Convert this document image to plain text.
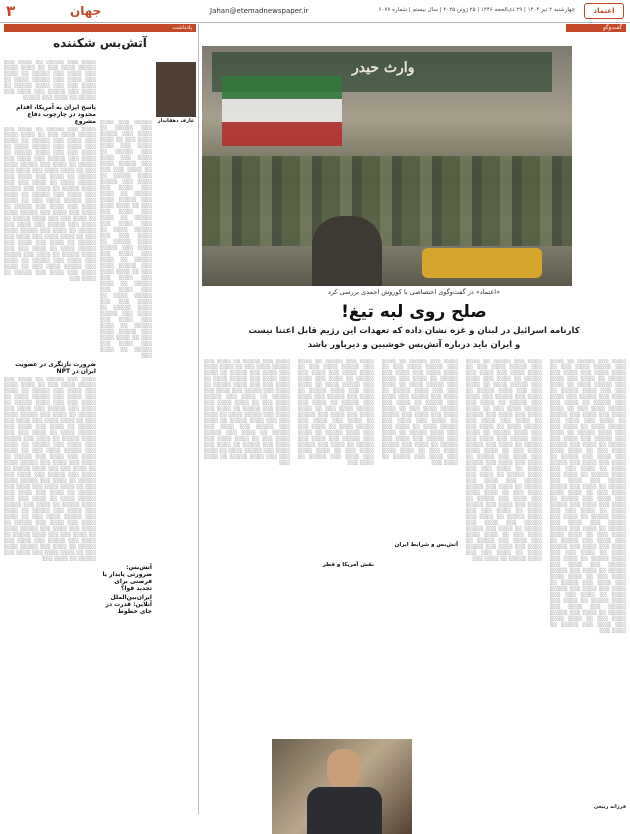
۳	جهان	Jahan@etemadnewspaper.ir	چهارشنبه ۲ تیر ۱۴۰۴ | ۲۹ ذی‌الحجه ۱۴۴۶ | ۲۵ ژوئن ۲۰۲۵ | سال بیستم | شماره ۶۰۷۷	اعتماد
یادداشت
آتش‌بس شکننده
عارف دهقاندار
░░░░░ ░░░ ░░░░ ░░░ ░░░░░ ░░ ░░░░ ░░░ ░░░░░ ░░░░ ░░░ ░░ ░░░░ ░░░░ ░░░ ░░░░ ░░░ ░░░░░ ░░ ░░░░ ░░░ ░░░░ ░░░ ░░░░░ ░░░░ ░░ ░░░░ ░░░ ░░░ ░░░░ ░░░░░ ░░ ░░░░ ░░░ ░░░░░ ░░░ ░░░░ ░░░ ░░░░░ ░░ ░░░░ ░░░ ░░░░░ ░░░░ ░░░ ░░ ░░░░ ░░░░ ░░░ ░░░░ ░░░ ░░░░░ ░░ ░░░░ ░░░ ░░░░ ░░░ ░░░░░ ░░░░ ░░ ░░░░ ░░░ ░░░ ░░░░ ░░░░░ ░░ ░░░░ ░░░ ░░░░░ ░░░ ░░░░ ░░░ ░░░░░ ░░ ░░░░ ░░░ ░░░░░ ░░░░ ░░░ ░░ ░░░░ ░░░░ ░░░ ░░░░ ░░░ ░░░░░ ░░ ░░░░ ░░░ ░░░░ ░░░ ░░░░░ ░░░░ ░░ ░░░░ ░░░ ░░░ ░░░░ ░░░░░ ░░ ░░░░ ░░░ ░░░░░ ░░░ ░░░░ ░░░ ░░░░░ ░░ ░░░░ ░░░ ░░░░░ ░░░░ ░░░ ░░ ░░░░ ░░░░ ░░░ ░░░░ ░░░ ░░░░░ ░░ ░░░░ ░░░
آتش‌بس: ضرورتی پایدار یا فرصتی برای تجدید قوا؟
░░░░ ░░░ ░░░░░ ░░ ░░░░ ░░░ ░░░░░ ░░░░ ░░░ ░░ ░░░░ ░░░░ ░░░ ░░░░ ░░░ ░░░░░ ░░ ░░░░ ░░░ ░░░░ ░░░ ░░░░░ ░░░░ ░░ ░░░░ ░░░ ░░░ ░░░░ ░░░░░ ░░ ░░░░ ░░░ ░░░░░ ░░░ ░░░░ ░░░ ░░░░░ ░░ ░░░░ ░░░ ░░░░░
پاسخ ایران به آمریکا، اقدام محدود در چارچوب دفاع مشروع
░░░░ ░░░ ░░░░░ ░░ ░░░░ ░░░ ░░░░░ ░░░░ ░░░ ░░ ░░░░ ░░░░ ░░░ ░░░░ ░░░ ░░░░░ ░░ ░░░░ ░░░ ░░░░ ░░░ ░░░░░ ░░░░ ░░ ░░░░ ░░░ ░░░ ░░░░ ░░░░░ ░░ ░░░░ ░░░ ░░░░░ ░░░ ░░░░ ░░░ ░░░░░ ░░ ░░░░ ░░░ ░░░░░ ░░░░ ░░░ ░░ ░░░░ ░░░░ ░░░ ░░░░ ░░░ ░░░░░ ░░ ░░░░ ░░░ ░░░░ ░░░ ░░░░░ ░░░░ ░░ ░░░░ ░░░ ░░░ ░░░░ ░░░░░ ░░ ░░░░ ░░░ ░░░░░ ░░░ ░░░░ ░░░ ░░░░░ ░░ ░░░░ ░░░ ░░░░░ ░░░░ ░░░ ░░ ░░░░ ░░░░ ░░░ ░░░░ ░░░ ░░░░░ ░░ ░░░░ ░░░ ░░░░ ░░░ ░░░░░ ░░░░ ░░ ░░░░ ░░░ ░░░ ░░░░ ░░░░░ ░░ ░░░░ ░░░ ░░░░░ ░░░ ░░░░ ░░░ ░░░░░ ░░ ░░░░ ░░░ ░░░░░ ░░░░ ░░░ ░░ ░░░░ ░░░░ ░░░ ░░░░ ░░░ ░░░░░ ░░ ░░░░ ░░░ ░░░░ ░░░ ░░░░░ ░░░░ ░░ ░░░░ ░░░ ░░░ ░░░░ ░░░░░ ░░ ░░░░ ░░░ ░░░░░ ░░░ ░░░░ ░░░ ░░░░░ ░░ ░░░░ ░░░ ░░░░░ ░░░░ ░░░ ░░ ░░░░ ░░░░ ░░░ ░░░░ ░░░ ░░░░░ ░░ ░░░░ ░░░
ضرورت بازنگری در عضویت ایران در NPT
░░░░ ░░░ ░░░░░ ░░ ░░░░ ░░░ ░░░░░ ░░░░ ░░░ ░░ ░░░░ ░░░░ ░░░ ░░░░ ░░░ ░░░░░ ░░ ░░░░ ░░░ ░░░░ ░░░ ░░░░░ ░░░░ ░░ ░░░░ ░░░ ░░░ ░░░░ ░░░░░ ░░ ░░░░ ░░░ ░░░░░ ░░░ ░░░░ ░░░ ░░░░░ ░░ ░░░░ ░░░ ░░░░░ ░░░░ ░░░ ░░ ░░░░ ░░░░ ░░░ ░░░░ ░░░ ░░░░░ ░░ ░░░░ ░░░ ░░░░ ░░░ ░░░░░ ░░░░ ░░ ░░░░ ░░░ ░░░ ░░░░ ░░░░░ ░░ ░░░░ ░░░ ░░░░░ ░░░ ░░░░ ░░░ ░░░░░ ░░ ░░░░ ░░░ ░░░░░ ░░░░ ░░░ ░░ ░░░░ ░░░░ ░░░ ░░░░ ░░░ ░░░░░ ░░ ░░░░ ░░░ ░░░░ ░░░ ░░░░░ ░░░░ ░░ ░░░░ ░░░ ░░░ ░░░░ ░░░░░ ░░ ░░░░ ░░░ ░░░░░ ░░░ ░░░░ ░░░ ░░░░░ ░░ ░░░░ ░░░ ░░░░░ ░░░░ ░░░ ░░ ░░░░ ░░░░ ░░░ ░░░░ ░░░ ░░░░░ ░░ ░░░░ ░░░ ░░░░ ░░░ ░░░░░ ░░░░ ░░ ░░░░ ░░░ ░░░ ░░░░ ░░░░░ ░░ ░░░░ ░░░ ░░░░░ ░░░ ░░░░ ░░░ ░░░░░ ░░ ░░░░ ░░░ ░░░░░ ░░░░ ░░░ ░░ ░░░░ ░░░░ ░░░ ░░░░ ░░░ ░░░░░ ░░ ░░░░ ░░░ ░░░░ ░░░ ░░░░░ ░░░░ ░░ ░░░░ ░░░ ░░░ ░░░░ ░░░░░ ░░ ░░░░ ░░░ ░░░░░ ░░░ ░░░░ ░░░ ░░░░░ ░░ ░░░░ ░░░ ░░░░░ ░░░░ ░░░ ░░ ░░░░ ░░░░ ░░░ ░░░░ ░░░ ░░░░░ ░░ ░░░░ ░░░
ایران‌بین‌الملل آنلاین: قدرت در جای خطوط
گفت‌وگو
وارث حیدر
«اعتماد» در گفت‌وگوی اختصاصی با کوروش احمدی بررسی کرد
صلح روی لبه تیغ!
کارنامه اسرائیل در لبنان و غزه نشان داده که تعهدات این رژیم قابل اعتنا نیست
و ایران باید درباره آتش‌بس خوشبین و دیرباور باشد
░░░░ ░░░ ░░░░░ ░░ ░░░░ ░░░ ░░░░░ ░░░░ ░░░ ░░ ░░░░ ░░░░ ░░░ ░░░░ ░░░ ░░░░░ ░░ ░░░░ ░░░ ░░░░ ░░░ ░░░░░ ░░░░ ░░ ░░░░ ░░░ ░░░ ░░░░ ░░░░░ ░░ ░░░░ ░░░ ░░░░░ ░░░ ░░░░ ░░░ ░░░░░ ░░ ░░░░ ░░░ ░░░░░ ░░░░ ░░░ ░░ ░░░░ ░░░░ ░░░ ░░░░ ░░░ ░░░░░ ░░ ░░░░ ░░░ ░░░░ ░░░ ░░░░░ ░░░░ ░░ ░░░░ ░░░ ░░░ ░░░░ ░░░░░ ░░ ░░░░ ░░░ ░░░░░ ░░░ ░░░░ ░░░ ░░░░░ ░░ ░░░░ ░░░ ░░░░░ ░░░░ ░░░ ░░ ░░░░ ░░░░ ░░░ ░░░░ ░░░ ░░░░░ ░░ ░░░░ ░░░ ░░░░ ░░░ ░░░░░ ░░░░ ░░ ░░░░ ░░░ ░░░ ░░░░ ░░░░░ ░░ ░░░░ ░░░ ░░░░░ ░░░ ░░░░ ░░░ ░░░░░ ░░ ░░░░ ░░░ ░░░░░ ░░░░ ░░░ ░░ ░░░░ ░░░░ ░░░ ░░░░ ░░░ ░░░░░ ░░ ░░░░ ░░░ ░░░░ ░░░ ░░░░░ ░░░░ ░░ ░░░░ ░░░ ░░░ ░░░░ ░░░░░ ░░ ░░░░ ░░░ ░░░░░ ░░░ ░░░░ ░░░ ░░░░░ ░░ ░░░░ ░░░ ░░░░░ ░░░░ ░░░ ░░ ░░░░ ░░░░ ░░░ ░░░░ ░░░ ░░░░░ ░░ ░░░░ ░░░ ░░░░ ░░░ ░░░░░ ░░░░ ░░ ░░░░ ░░░ ░░░ ░░░░ ░░░░░ ░░ ░░░░ ░░░ ░░░░░ ░░░ ░░░░ ░░░ ░░░░░ ░░ ░░░░ ░░░ ░░░░░ ░░░░ ░░░ ░░ ░░░░ ░░░░ ░░░ ░░░░ ░░░ ░░░░░ ░░ ░░░░ ░░░ ░░░░ ░░░ ░░░░░ ░░░░ ░░ ░░░░ ░░░ ░░░ ░░░░ ░░░░░ ░░ ░░░░ ░░░ ░░░░░ ░░░ ░░░░ ░░░ ░░░░░ ░░ ░░░░ ░░░ ░░░░░ ░░░░ ░░░ ░░ ░░░░ ░░░░ ░░░ ░░░░ ░░░ ░░░░░ ░░ ░░░░ ░░░
░░░░ ░░░ ░░░░░ ░░ ░░░░ ░░░ ░░░░░ ░░░░ ░░░ ░░ ░░░░ ░░░░ ░░░ ░░░░ ░░░ ░░░░░ ░░ ░░░░ ░░░ ░░░░ ░░░ ░░░░░ ░░░░ ░░ ░░░░ ░░░ ░░░ ░░░░ ░░░░░ ░░ ░░░░ ░░░ ░░░░░ ░░░ ░░░░ ░░░ ░░░░░ ░░ ░░░░ ░░░ ░░░░░ ░░░░ ░░░ ░░ ░░░░ ░░░░ ░░░ ░░░░ ░░░ ░░░░░ ░░ ░░░░ ░░░ ░░░░ ░░░ ░░░░░ ░░░░ ░░ ░░░░ ░░░ ░░░ ░░░░ ░░░░░ ░░ ░░░░ ░░░ ░░░░░ ░░░ ░░░░ ░░░ ░░░░░ ░░ ░░░░ ░░░ ░░░░░ ░░░░ ░░░ ░░ ░░░░ ░░░░ ░░░ ░░░░ ░░░ ░░░░░ ░░ ░░░░ ░░░ ░░░░ ░░░ ░░░░░ ░░░░ ░░ ░░░░ ░░░ ░░░ ░░░░ ░░░░░ ░░ ░░░░ ░░░ ░░░░░ ░░░ ░░░░ ░░░ ░░░░░ ░░ ░░░░ ░░░ ░░░░░ ░░░░ ░░░ ░░ ░░░░ ░░░░ ░░░ ░░░░ ░░░ ░░░░░ ░░ ░░░░ ░░░ ░░░░ ░░░ ░░░░░ ░░░░ ░░ ░░░░ ░░░ ░░░ ░░░░ ░░░░░ ░░ ░░░░ ░░░ ░░░░░ ░░░ ░░░░ ░░░ ░░░░░ ░░ ░░░░ ░░░ ░░░░░ ░░░░ ░░░ ░░ ░░░░ ░░░░ ░░░ ░░░░ ░░░ ░░░░░ ░░ ░░░░ ░░░ ░░░░ ░░░ ░░░░░ ░░░░ ░░ ░░░░ ░░░ ░░░ ░░░░ ░░░░░ ░░ ░░░░ ░░░
░░░░ ░░░ ░░░░░ ░░ ░░░░ ░░░ ░░░░░ ░░░░ ░░░ ░░ ░░░░ ░░░░ ░░░ ░░░░ ░░░ ░░░░░ ░░ ░░░░ ░░░ ░░░░ ░░░ ░░░░░ ░░░░ ░░ ░░░░ ░░░ ░░░ ░░░░ ░░░░░ ░░ ░░░░ ░░░ ░░░░░ ░░░ ░░░░ ░░░ ░░░░░ ░░ ░░░░ ░░░ ░░░░░ ░░░░ ░░░ ░░ ░░░░ ░░░░ ░░░ ░░░░ ░░░ ░░░░░ ░░ ░░░░ ░░░ ░░░░ ░░░ ░░░░░ ░░░░ ░░ ░░░░ ░░░ ░░░ ░░░░ ░░░░░ ░░ ░░░░ ░░░ ░░░░░ ░░░ ░░░░ ░░░ ░░░░░ ░░ ░░░░ ░░░ ░░░░░ ░░░░ ░░░ ░░ ░░░░ ░░░░ ░░░ ░░░░ ░░░ ░░░░░ ░░ ░░░░ ░░░
آتش‌بس و شرایط ایران
░░░░ ░░░ ░░░░░ ░░ ░░░░ ░░░ ░░░░░ ░░░░ ░░░ ░░ ░░░░ ░░░░ ░░░ ░░░░ ░░░ ░░░░░ ░░ ░░░░ ░░░ ░░░░ ░░░ ░░░░░ ░░░░ ░░ ░░░░ ░░░ ░░░ ░░░░ ░░░░░ ░░ ░░░░ ░░░ ░░░░░ ░░░ ░░░░ ░░░ ░░░░░ ░░ ░░░░ ░░░ ░░░░░ ░░░░ ░░░ ░░ ░░░░ ░░░░ ░░░ ░░░░ ░░░ ░░░░░ ░░ ░░░░ ░░░ ░░░░ ░░░ ░░░░░ ░░░░ ░░ ░░░░ ░░░ ░░░ ░░░░ ░░░░░ ░░ ░░░░ ░░░ ░░░░░ ░░░ ░░░░ ░░░ ░░░░░ ░░ ░░░░ ░░░ ░░░░░ ░░░░ ░░░ ░░ ░░░░ ░░░░ ░░░ ░░░░ ░░░ ░░░░░ ░░ ░░░░ ░░░
نقش آمریکا و قطر
░░░░ ░░░ ░░░░░ ░░ ░░░░ ░░░ ░░░░░ ░░░░ ░░░ ░░ ░░░░ ░░░░ ░░░ ░░░░ ░░░ ░░░░░ ░░ ░░░░ ░░░ ░░░░ ░░░ ░░░░░ ░░░░ ░░ ░░░░ ░░░ ░░░ ░░░░ ░░░░░ ░░ ░░░░ ░░░ ░░░░░ ░░░ ░░░░ ░░░ ░░░░░ ░░ ░░░░ ░░░ ░░░░░ ░░░░ ░░░ ░░ ░░░░ ░░░░ ░░░ ░░░░ ░░░ ░░░░░ ░░ ░░░░ ░░░ ░░░░ ░░░ ░░░░░ ░░░░ ░░ ░░░░ ░░░ ░░░ ░░░░ ░░░░░ ░░ ░░░░ ░░░ ░░░░░ ░░░ ░░░░ ░░░ ░░░░░ ░░ ░░░░ ░░░ ░░░░░ ░░░░ ░░░ ░░ ░░░░ ░░░░ ░░░ ░░░░ ░░░ ░░░░░ ░░ ░░░░ ░░░ ░░░░ ░░░ ░░░░░ ░░░░ ░░ ░░░░ ░░░ ░░░ ░░░░ ░░░░░ ░░ ░░░░ ░░░
فرزانه ربیعی
